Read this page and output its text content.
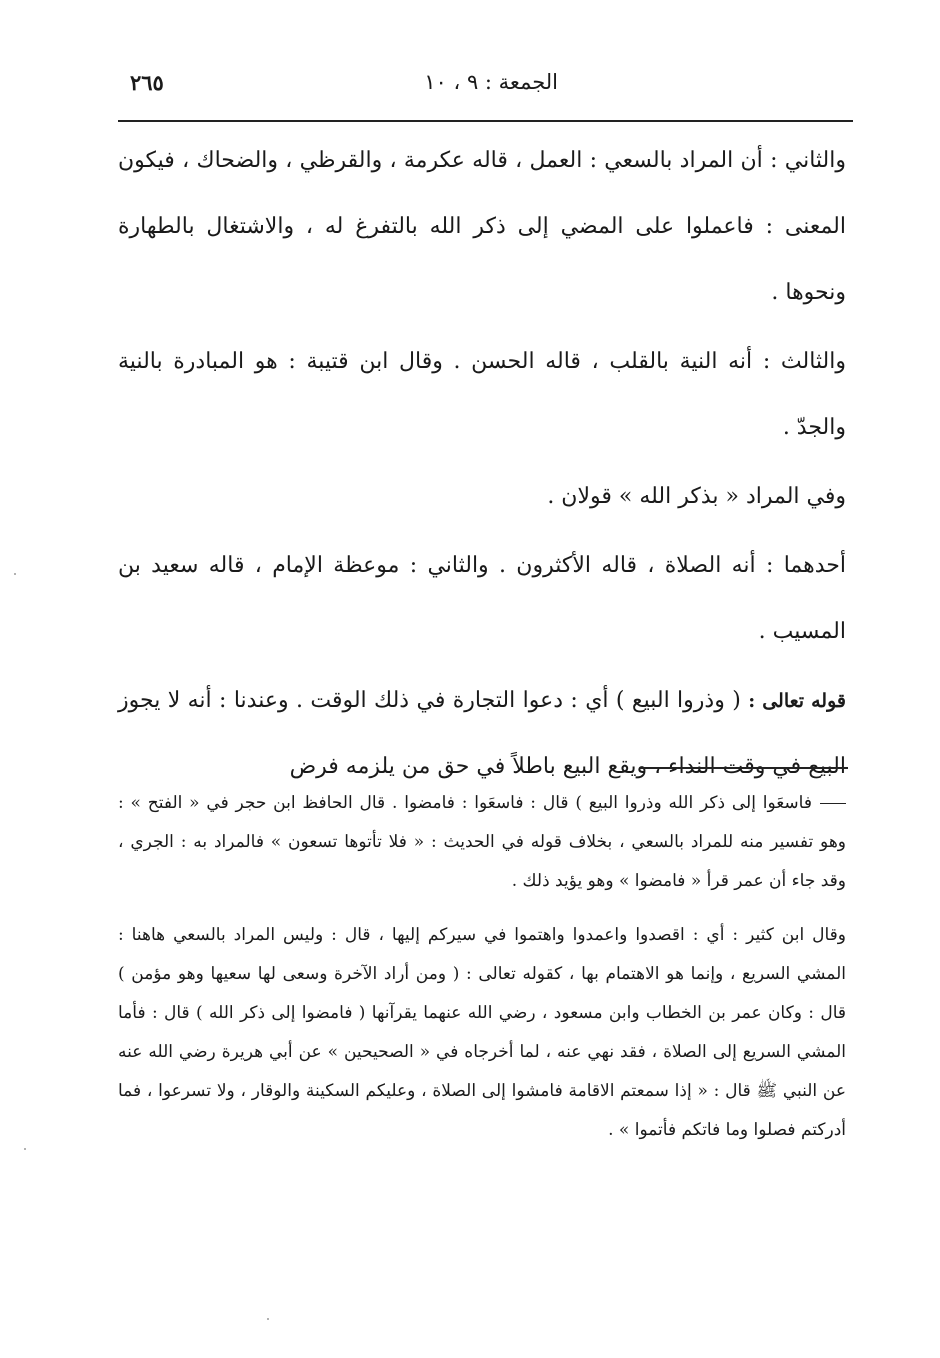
الجمعة : ٩ ، ١٠
٢٦٥

والثاني : أن المراد بالسعي : العمل ، قاله عكرمة ، والقرظي ، والضحاك ، فيكون المعنى : فاعملوا على المضي إلى ذكر الله بالتفرغ له ، والاشتغال بالطهارة ونحوها .

والثالث : أنه النية بالقلب ، قاله الحسن . وقال ابن قتيبة : هو المبادرة بالنية والجدّ .

وفي المراد « بذكر الله » قولان .

أحدهما : أنه الصلاة ، قاله الأكثرون . والثاني : موعظة الإمام ، قاله سعيد بن المسيب .

قوله تعالى : ( وذروا البيع ) أي : دعوا التجارة في ذلك الوقت . وعندنا : أنه لا يجوز البيع في وقت النداء ، ويقع البيع باطلاً في حق من يلزمه فرض

فاسعَوا إلى ذكر الله وذروا البيع ) قال : فاسعَوا : فامضوا . قال الحافظ ابن حجر في « الفتح » : وهو تفسير منه للمراد بالسعي ، بخلاف قوله في الحديث : « فلا تأتوها تسعون » فالمراد به : الجري ، وقد جاء أن عمر قرأ « فامضوا » وهو يؤيد ذلك .

وقال ابن كثير : أي : اقصدوا واعمدوا واهتموا في سيركم إليها ، قال : وليس المراد بالسعي هاهنا : المشي السريع ، وإنما هو الاهتمام بها ، كقوله تعالى : ( ومن أراد الآخرة وسعى لها سعيها وهو مؤمن ) قال : وكان عمر بن الخطاب وابن مسعود ، رضي الله عنهما يقرآنها ( فامضوا إلى ذكر الله ) قال : فأما المشي السريع إلى الصلاة ، فقد نهي عنه ، لما أخرجاه في « الصحيحين » عن أبي هريرة رضي الله عنه عن النبي ﷺ قال : « إذا سمعتم الاقامة فامشوا إلى الصلاة ، وعليكم السكينة والوقار ، ولا تسرعوا ، فما أدركتم فصلوا وما فاتكم فأتموا » .
